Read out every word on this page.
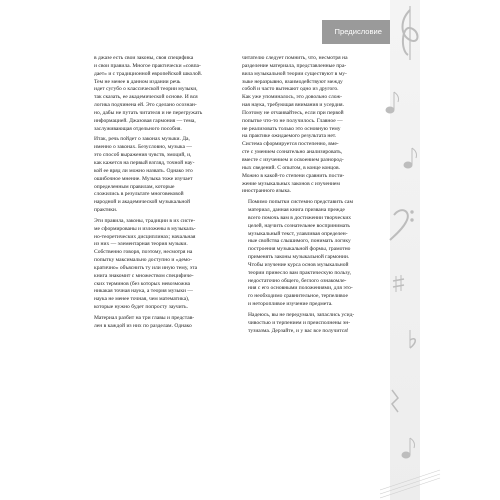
Предисловие

в джазе есть свои законы, своя специфика
и свои правила. Многое практически «совпа-
дает» и с традиционной европейской школой.
Тем не менее в данном издании речь
идет сугубо о классической теории музыки,
так сказать, ее академической основе. И вся
логика подчинена ей. Это сделано осознан-
но, дабы не путать читателя и не перегружать
информацией. Джазовая гармония — тема,
заслуживающая отдельного пособия.

Итак, речь пойдет о законах музыки. Да,
именно о законах. Безусловно, музыка —
это способ выражения чувств, эмоций, и,
как кажется на первый взгляд, точной нау-
кой ее вряд ли можно назвать. Однако это
ошибочное мнение. Музыка тоже изучает
определенным правилам, которые
сложились в результате многовековой
народной и академической музыкальной
практики.

Эти правила, законы, традиции в их систе-
ме сформированы и изложены в музыкаль-
но-теоретических дисциплинах; начальная
из них — элементарная теория музыки.
Собственно говоря, поэтому, несмотря на
попытку максимально доступно и «демо-
кратично» объяснить ту или иную тему, эта
книга знакомит с множеством специфиче-
ских терминов (без которых невозможна
никакая точная наука, а теория музыки —
наука не менее точная, чем математика),
которые нужно будет попросту заучить.

Материал разбит на три главы и представ-
лен в каждой из них по разделам. Однако

читателю следует помнить, что, несмотря на
разделение материала, представленные пра-
вила музыкальной теории существуют в му-
зыке неразрывно, взаимодействуют между
собой и часто вытекают одно из другого.
Как уже упоминалось, это довольно слож-
ная наука, требующая внимания и усердия.
Поэтому не отчаивайтесь, если при первой
попытке что-то не получилось. Главное —
не реализовать только это основную тему
на практике ожидаемого результата нет.
Система сформируется постепенно, вме-
сте с умением сознательно анализировать,
вместе с изучением и освоением разнород-
ных сведений. С опытом, в конце концов.
Можно в какой-то степени сравнить пости-
жение музыкальных законов с изучением
иностранного языка.

Помимо попытки системно представить сам
материал, данная книга призвана прежде
всего помочь вам в достижении творческих
целей, научить сознательнее воспринимать
музыкальный текст, улавливая определен-
ные свойства слышимого, понимать логику
построения музыкальной формы, грамотно
применять законы музыкальной гармонии.
Чтобы изучение курса основ музыкальной
теории принесло вам практическую пользу,
недостаточно общего, беглого ознакомле-
ния с его основными положениями, для это-
го необходимо сравнительное, терпеливое
и неторопливое изучение предмета.

Надеюсь, вы не передумали, запаслись усид-
чивостью и терпением и преисполнены эн-
тузиазма. Дерзайте, и у вас все получится!
